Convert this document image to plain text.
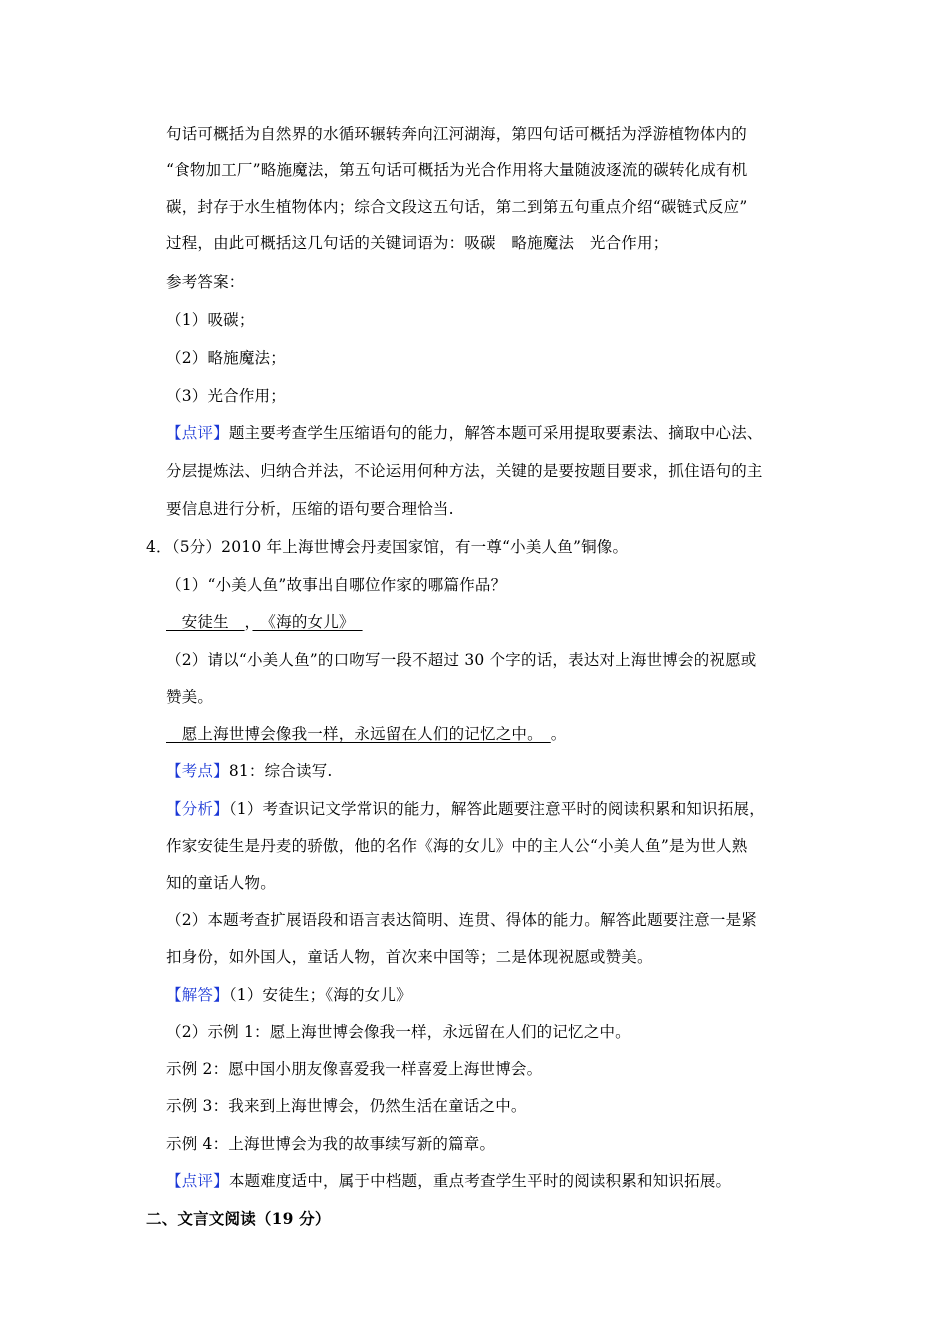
句话可概括为自然界的水循环辗转奔向江河湖海，第四句话可概括为浮游植物体内的
“食物加工厂”略施魔法，第五句话可概括为光合作用将大量随波逐流的碳转化成有机
碳，封存于水生植物体内；综合文段这五句话，第二到第五句重点介绍“碳链式反应”
过程，由此可概括这几句话的关键词语为：吸碳　略施魔法　光合作用；
参考答案：
（1）吸碳；
（2）略施魔法；
（3）光合作用；
【点评】题主要考查学生压缩语句的能力，解答本题可采用提取要素法、摘取中心法、
分层提炼法、归纳合并法，不论运用何种方法，关键的是要按题目要求，抓住语句的主
要信息进行分析，压缩的语句要合理恰当.
4．（5分）2010 年上海世博会丹麦国家馆，有一尊“小美人鱼”铜像。
（1）“小美人鱼”故事出自哪位作家的哪篇作品？
　安徒生　，　《海的女儿》　
（2）请以“小美人鱼”的口吻写一段不超过 30 个字的话，表达对上海世博会的祝愿或
赞美。
　愿上海世博会像我一样，永远留在人们的记忆之中。　。
【考点】81：综合读写.
【分析】（1）考查识记文学常识的能力，解答此题要注意平时的阅读积累和知识拓展，
作家安徒生是丹麦的骄傲，他的名作《海的女儿》中的主人公“小美人鱼”是为世人熟
知的童话人物。
（2）本题考查扩展语段和语言表达简明、连贯、得体的能力。解答此题要注意一是紧
扣身份，如外国人，童话人物，首次来中国等；二是体现祝愿或赞美。
【解答】（1）安徒生；《海的女儿》
（2）示例 1：愿上海世博会像我一样，永远留在人们的记忆之中。
示例 2：愿中国小朋友像喜爱我一样喜爱上海世博会。
示例 3：我来到上海世博会，仍然生活在童话之中。
示例 4：上海世博会为我的故事续写新的篇章。
【点评】本题难度适中，属于中档题，重点考查学生平时的阅读积累和知识拓展。
二、文言文阅读（19 分）
